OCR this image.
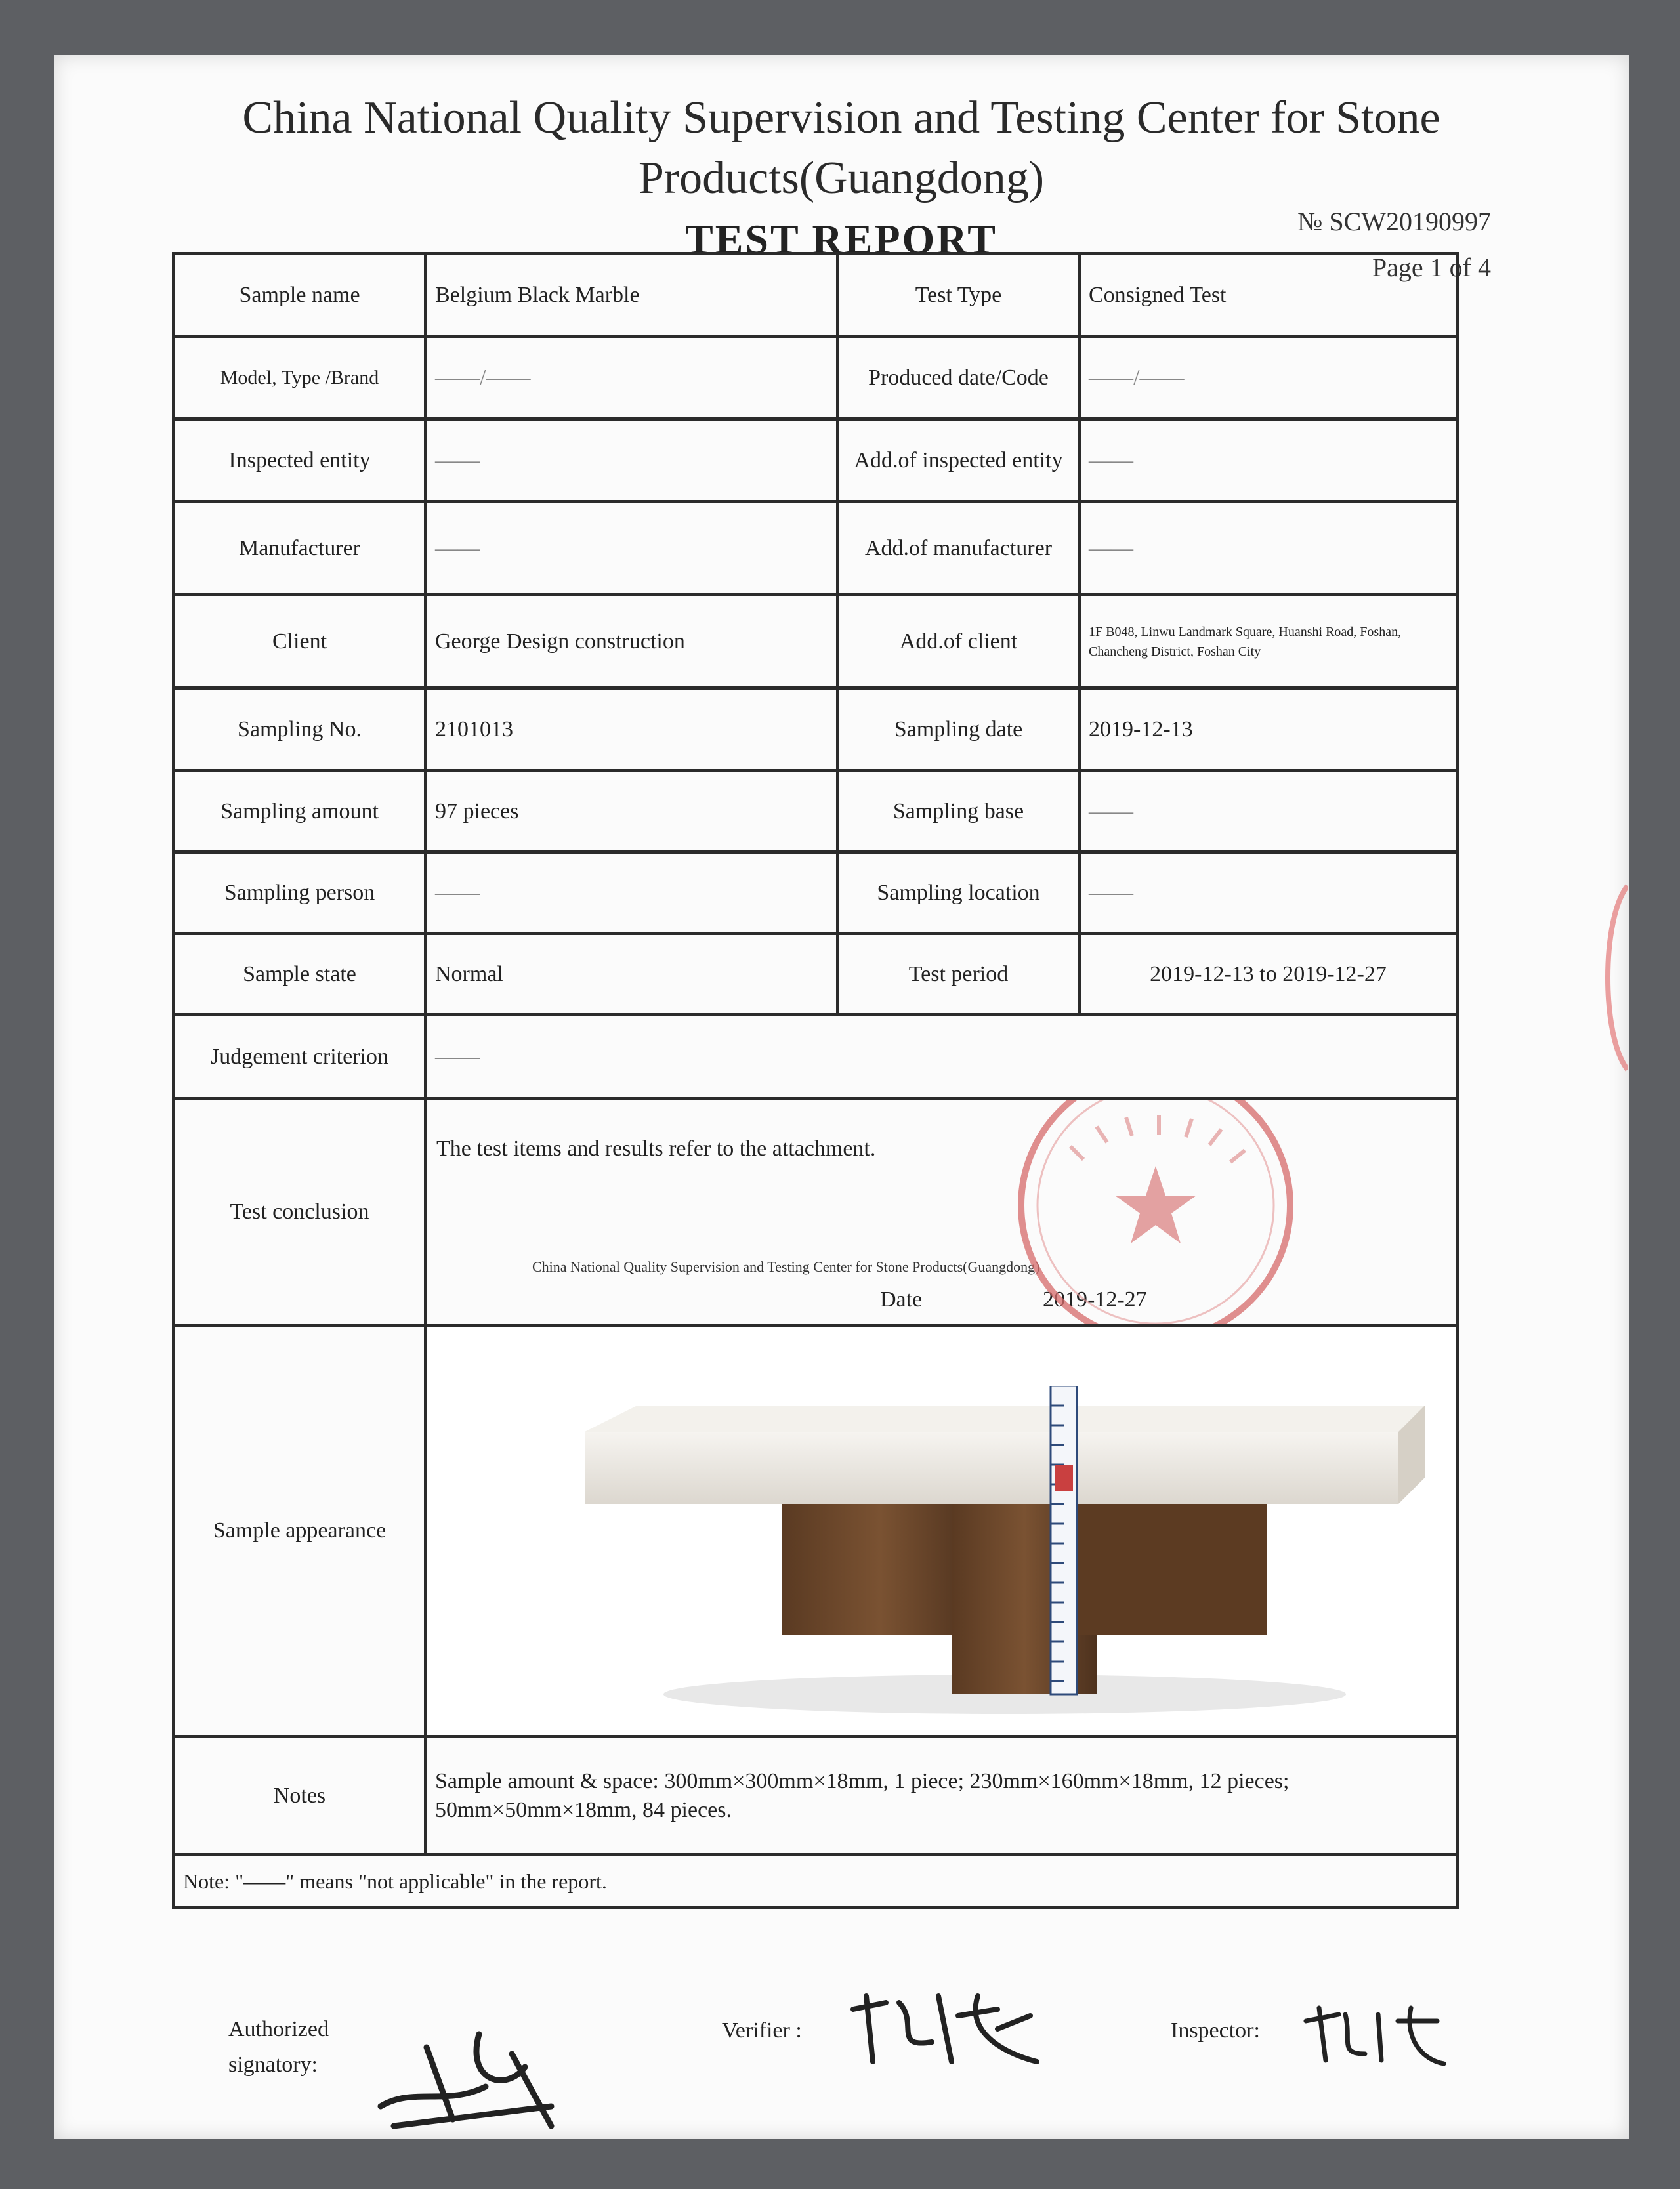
China National Quality Supervision and Testing Center for Stone
Products(Guangdong)
TEST REPORT	№ SCW20190997
Page 1 of 4
Sample name	Belgium Black Marble	Test Type	Consigned Test
Model, Type /Brand	——/——	Produced date/Code	——/——
Inspected entity	——	Add.of inspected entity	——
Manufacturer	——	Add.of manufacturer	——
Client	George Design construction	Add.of client	1F B048, Linwu Landmark Square, Huanshi Road, Foshan, Chancheng District, Foshan City
Sampling No.	2101013	Sampling date	2019-12-13
Sampling amount	97 pieces	Sampling base	——
Sampling person	——	Sampling location	——
Sample state	Normal	Test period	2019-12-13 to 2019-12-27
Judgement criterion	——		
Test conclusion	The test items and results refer to the attachment.
China National Quality Supervision and Testing Center for Stone Products(Guangdong)
Date 2019-12-27		

Sample appearance	

Notes	Sample amount & space: 300mm×300mm×18mm, 1 piece; 230mm×160mm×18mm, 12 pieces; 50mm×50mm×18mm, 84 pieces.		
Note: "——" means "not applicable" in the report.			
Authorized signatory:
Verifier :	Inspector:
